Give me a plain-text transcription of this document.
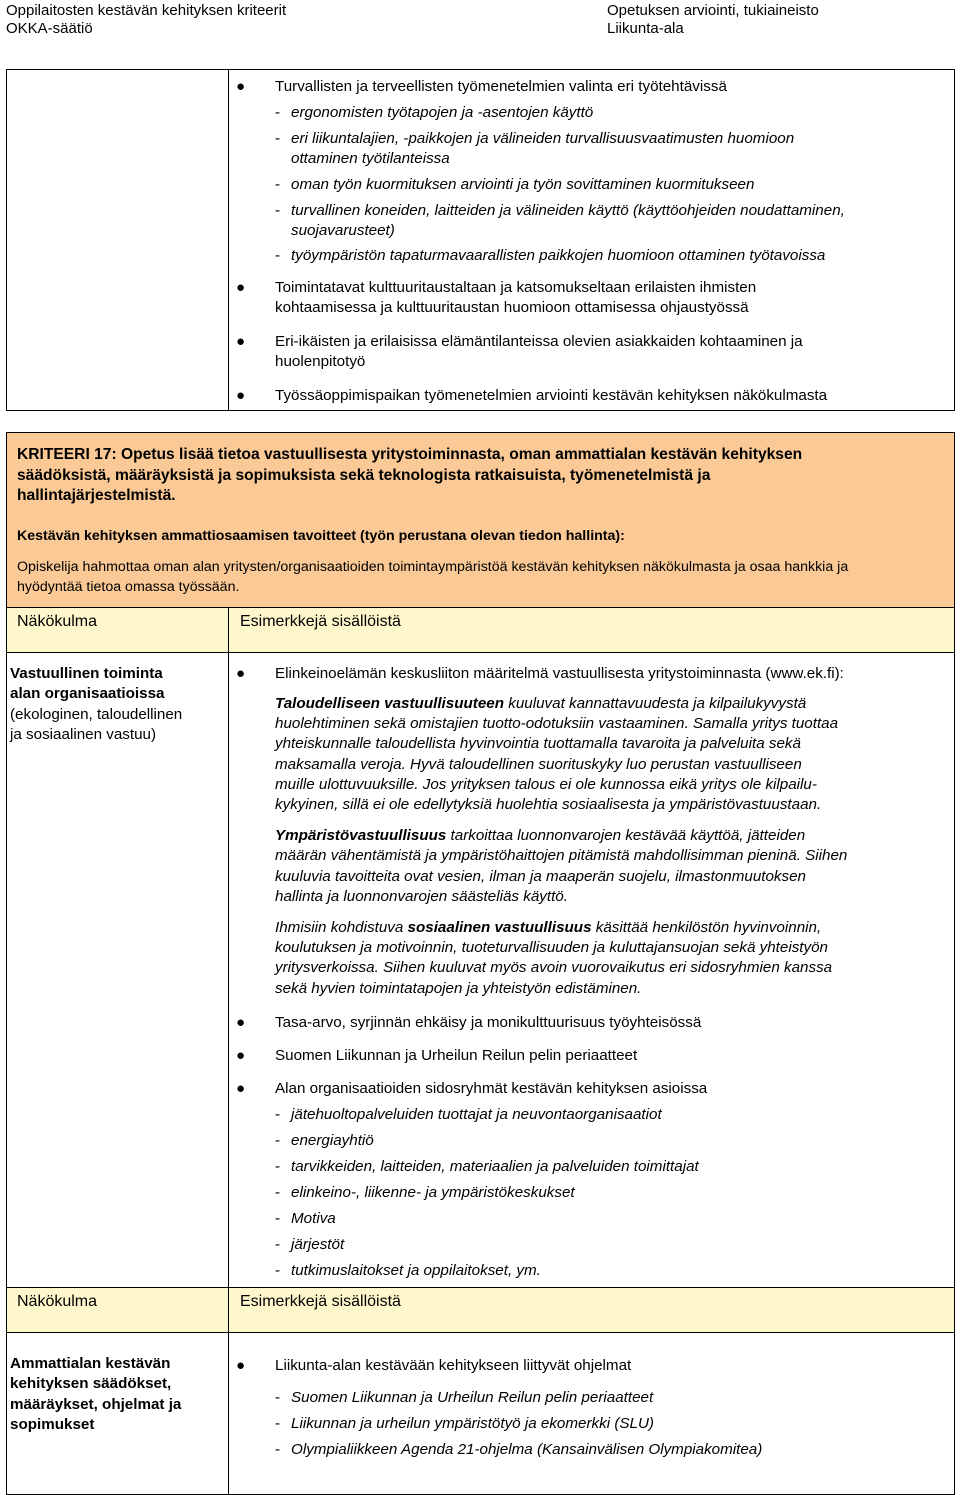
Oppilaitosten kestävän kehityksen kriteerit
OKKA-säätiö
Opetuksen arviointi, tukiaineisto
Liikunta-ala
● Turvallisten ja terveellisten työmenetelmien valinta eri työtehtävissä
- ergonomisten työtapojen ja -asentojen käyttö
- eri liikuntalajien, -paikkojen ja välineiden turvallisuusvaatimusten huomioon
ottaminen työtilanteissa
- oman työn kuormituksen arviointi ja työn sovittaminen kuormitukseen
- turvallinen koneiden, laitteiden ja välineiden käyttö (käyttöohjeiden noudattaminen,
suojavarusteet)
- työympäristön tapaturmavaarallisten paikkojen huomioon ottaminen työtavoissa
● Toimintatavat kulttuuritaustaltaan ja katsomukseltaan erilaisten ihmisten
kohtaamisessa ja kulttuuritaustan huomioon ottamisessa ohjaustyössä
● Eri-ikäisten ja erilaisissa elämäntilanteissa olevien asiakkaiden kohtaaminen ja
huolenpitotyö
● Työssäoppimispaikan työmenetelmien arviointi kestävän kehityksen näkökulmasta
KRITEERI 17: Opetus lisää tietoa vastuullisesta yritystoiminnasta, oman ammattialan kestävän kehityksen
säädöksistä, määräyksistä ja sopimuksista sekä teknologista ratkaisuista, työmenetelmistä ja
hallintajärjestelmistä.
Kestävän kehityksen ammattiosaamisen tavoitteet (työn perustana olevan tiedon hallinta):
Opiskelija hahmottaa oman alan yritysten/organisaatioiden toimintaympäristöä kestävän kehityksen näkökulmasta ja osaa hankkia ja
hyödyntää tietoa omassa työssään.
Näkökulma	Esimerkkejä sisällöistä
Näkökulma	Esimerkkejä sisällöistä
Vastuullinen toiminta
alan organisaatioissa
(ekologinen, taloudellinen
ja sosiaalinen vastuu)
● Elinkeinoelämän keskusliiton määritelmä vastuullisesta yritystoiminnasta (www.ek.fi):
Taloudelliseen vastuullisuuteen kuuluvat kannattavuudesta ja kilpailukyvystä
huolehtiminen sekä omistajien tuotto-odotuksiin vastaaminen. Samalla yritys tuottaa
yhteiskunnalle taloudellista hyvinvointia tuottamalla tavaroita ja palveluita sekä
maksamalla veroja. Hyvä taloudellinen suorituskyky luo perustan vastuulliseen
muille ulottuvuuksille. Jos yrityksen talous ei ole kunnossa eikä yritys ole kilpailu-
kykyinen, sillä ei ole edellytyksiä huolehtia sosiaalisesta ja ympäristövastuustaan.
Ympäristövastuullisuus tarkoittaa luonnonvarojen kestävää käyttöä, jätteiden
määrän vähentämistä ja ympäristöhaittojen pitämistä mahdollisimman pieninä. Siihen
kuuluvia tavoitteita ovat vesien, ilman ja maaperän suojelu, ilmastonmuutoksen
hallinta ja luonnonvarojen säästeliäs käyttö.
Ihmisiin kohdistuva sosiaalinen vastuullisuus käsittää henkilöstön hyvinvoinnin,
koulutuksen ja motivoinnin, tuoteturvallisuuden ja kuluttajansuojan sekä yhteistyön
yritysverkoissa. Siihen kuuluvat myös avoin vuorovaikutus eri sidosryhmien kanssa
sekä hyvien toimintatapojen ja yhteistyön edistäminen.
● Tasa-arvo, syrjinnän ehkäisy ja monikulttuurisuus työyhteisössä
● Suomen Liikunnan ja Urheilun Reilun pelin periaatteet
● Alan organisaatioiden sidosryhmät kestävän kehityksen asioissa
- jätehuoltopalveluiden tuottajat ja neuvontaorganisaatiot
- energiayhtiö
- tarvikkeiden, laitteiden, materiaalien ja palveluiden toimittajat
- elinkeino-, liikenne- ja ympäristökeskukset
- Motiva
- järjestöt
- tutkimuslaitokset ja oppilaitokset, ym.
Ammattialan kestävän
kehityksen säädökset,
määräykset, ohjelmat ja
sopimukset
● Liikunta-alan kestävään kehitykseen liittyvät ohjelmat
- Suomen Liikunnan ja Urheilun Reilun pelin periaatteet
- Liikunnan ja urheilun ympäristötyö ja ekomerkki (SLU)
- Olympialiikkeen Agenda 21-ohjelma (Kansainvälisen Olympiakomitea)
